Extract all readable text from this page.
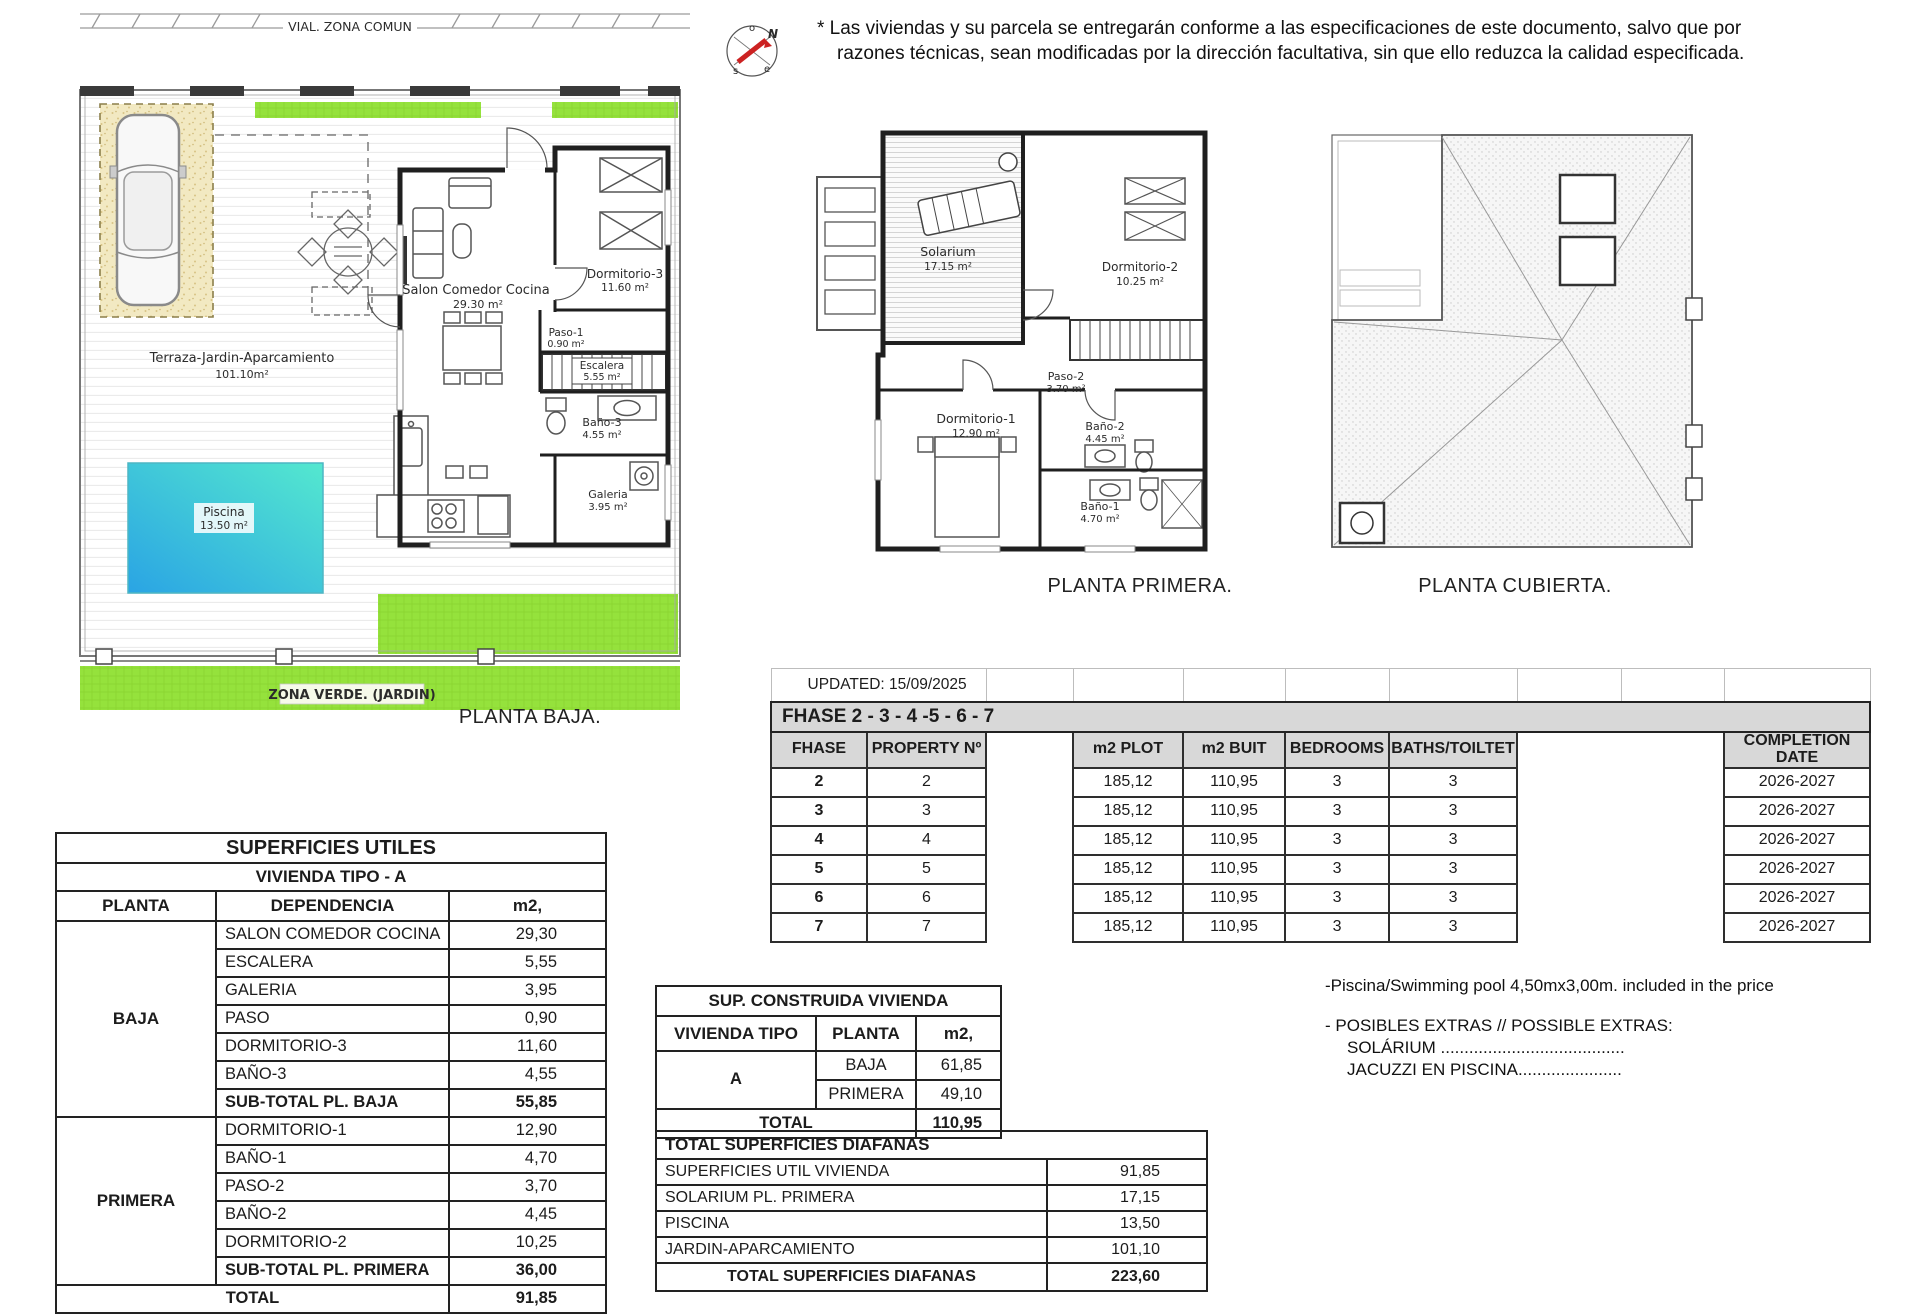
VIAL. ZONA COMUN
Terraza-Jardin-Aparcamiento
101.10m²
Piscina
13.50 m²
Salon Comedor Cocina
29.30 m²
Dormitorio-3
11.60 m²
Paso-1
0.90 m²
Escalera
5.55 m²
Baño-3
4.55 m²
Galeria
3.95 m²
ZONA VERDE. (JARDIN)
PLANTA BAJA.
o N
s	e
* Las viviendas y su parcela se entregarán conforme a las especificaciones de este documento, salvo que por
razones técnicas, sean modificadas por la dirección facultativa, sin que ello reduzca la calidad especificada.
Solarium
17.15 m²	Dormitorio-2
10.25 m²
Paso-2
3.70 m²
Dormitorio-1
12.90 m²
Baño-2
4.45 m²
Baño-1
4.70 m²
PLANTA PRIMERA.	PLANTA CUBIERTA.
UPDATED: 15/09/2025									
FHASE 2 - 3 - 4 -5 - 6 - 7									
FHASE	PROPERTY Nº		m2 PLOT	m2 BUIT	BEDROOMS	BATHS/TOILTET			COMPLETION DATE
2	2		185,12	110,95	3	3			2026-2027
3	3		185,12	110,95	3	3			2026-2027
4	4		185,12	110,95	3	3			2026-2027
5	5		185,12	110,95	3	3			2026-2027
6	6		185,12	110,95	3	3			2026-2027
7	7		185,12	110,95	3	3			2026-2027
SUPERFICIES UTILES		
VIVIENDA TIPO - A		
PLANTA	DEPENDENCIA	m2,
BAJA	SALON COMEDOR COCINA	29,30
	ESCALERA	5,55
	GALERIA	3,95
	PASO	0,90
	DORMITORIO-3	11,60
	BAÑO-3	4,55
	SUB-TOTAL PL. BAJA	55,85
PRIMERA	DORMITORIO-1	12,90
	BAÑO-1	4,70
	PASO-2	3,70
	BAÑO-2	4,45
	DORMITORIO-2	10,25
	SUB-TOTAL PL. PRIMERA	36,00
TOTAL		91,85
SUP. CONSTRUIDA VIVIENDA		
VIVIENDA TIPO	PLANTA	m2,
A	BAJA	61,85
	PRIMERA	49,10
TOTAL		110,95
TOTAL SUPERFICIES DIAFANAS	
SUPERFICIES UTIL VIVIENDA	91,85
SOLARIUM PL. PRIMERA	17,15
PISCINA	13,50
JARDIN-APARCAMIENTO	101,10
TOTAL SUPERFICIES DIAFANAS	223,60
-Piscina/Swimming pool 4,50mx3,00m. included in the price
- POSIBLES EXTRAS // POSSIBLE EXTRAS:
SOLÁRIUM .......................................
JACUZZI EN PISCINA......................
